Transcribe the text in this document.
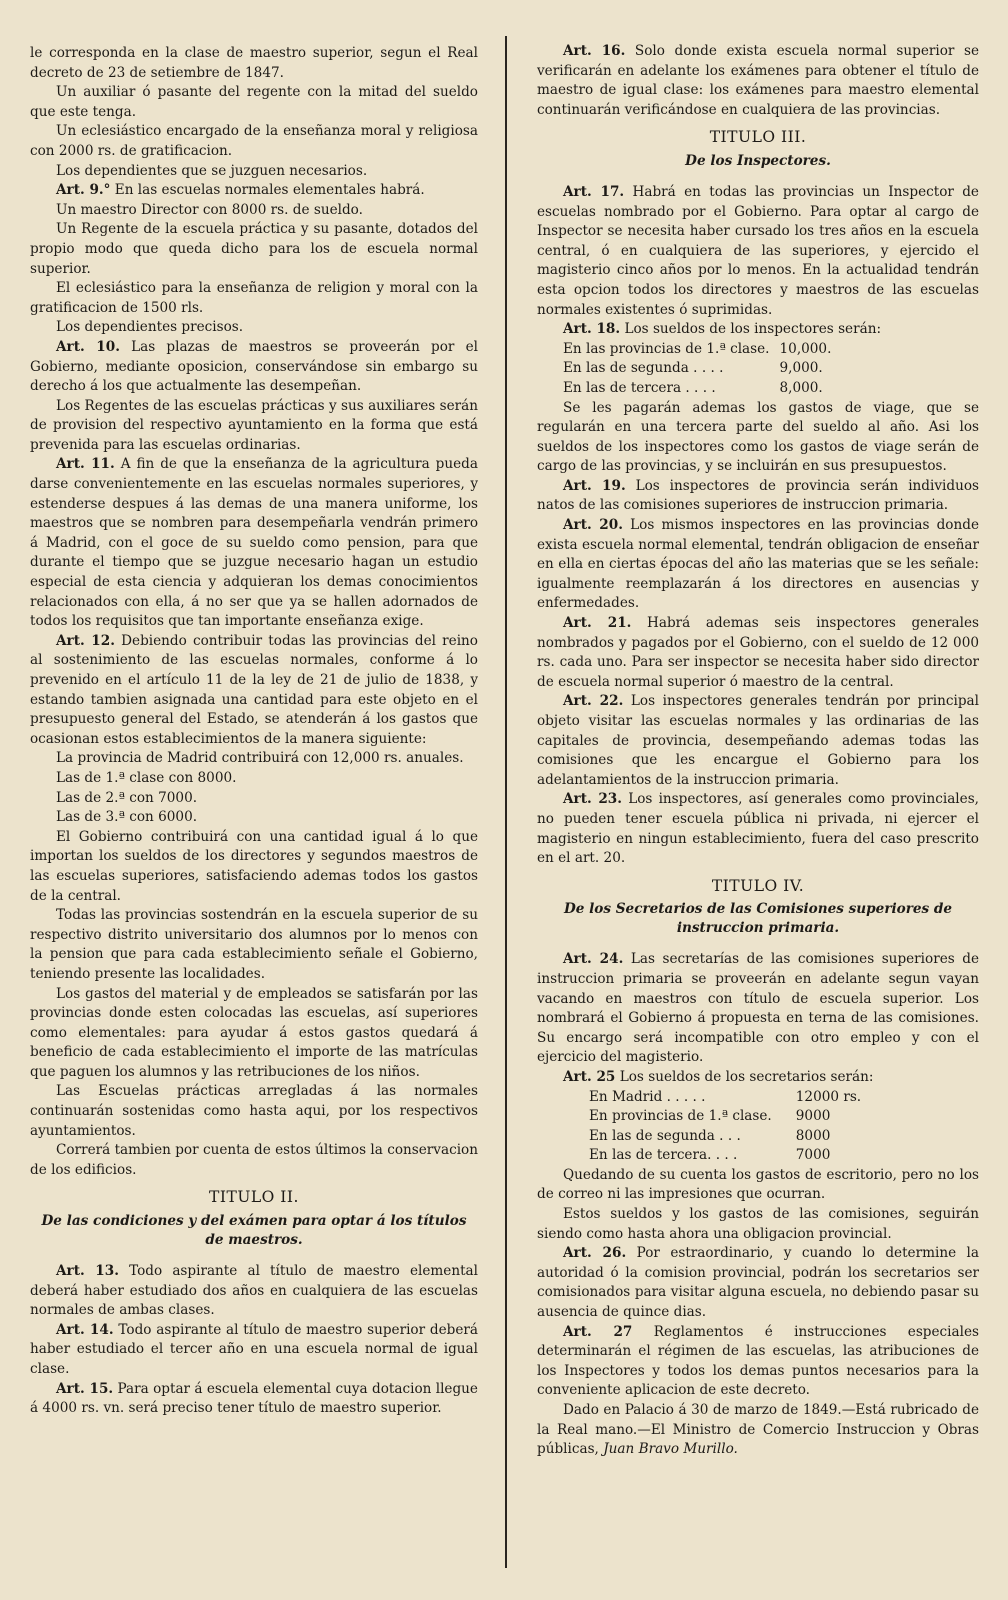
le corresponda en la clase de maestro superior, segun el Real decreto de 23 de setiembre de 1847.

Un auxiliar ó pasante del regente con la mitad del sueldo que este tenga.

Un eclesiástico encargado de la enseñanza moral y religiosa con 2000 rs. de gratificacion.

Los dependientes que se juzguen necesarios.

Art. 9.° En las escuelas normales elementales habrá.

Un maestro Director con 8000 rs. de sueldo.

Un Regente de la escuela práctica y su pasante, dotados del propio modo que queda dicho para los de escuela normal superior.

El eclesiástico para la enseñanza de religion y moral con la gratificacion de 1500 rls.

Los dependientes precisos.

Art. 10. Las plazas de maestros se proveerán por el Gobierno, mediante oposicion, conservándose sin embargo su derecho á los que actualmente las desempeñan.

Los Regentes de las escuelas prácticas y sus auxiliares serán de provision del respectivo ayuntamiento en la forma que está prevenida para las escuelas ordinarias.

Art. 11. A fin de que la enseñanza de la agricultura pueda darse convenientemente en las escuelas normales superiores, y estenderse despues á las demas de una manera uniforme, los maestros que se nombren para desempeñarla vendrán primero á Madrid, con el goce de su sueldo como pension, para que durante el tiempo que se juzgue necesario hagan un estudio especial de esta ciencia y adquieran los demas conocimientos relacionados con ella, á no ser que ya se hallen adornados de todos los requisitos que tan importante enseñanza exige.

Art. 12. Debiendo contribuir todas las provincias del reino al sostenimiento de las escuelas normales, conforme á lo prevenido en el artículo 11 de la ley de 21 de julio de 1838, y estando tambien asignada una cantidad para este objeto en el presupuesto general del Estado, se atenderán á los gastos que ocasionan estos establecimientos de la manera siguiente:

La provincia de Madrid contribuirá con 12,000 rs. anuales.

Las de 1.ª clase con 8000.

Las de 2.ª con 7000.

Las de 3.ª con 6000.

El Gobierno contribuirá con una cantidad igual á lo que importan los sueldos de los directores y segundos maestros de las escuelas superiores, satisfaciendo ademas todos los gastos de la central.

Todas las provincias sostendrán en la escuela superior de su respectivo distrito universitario dos alumnos por lo menos con la pension que para cada establecimiento señale el Gobierno, teniendo presente las localidades.

Los gastos del material y de empleados se satisfarán por las provincias donde esten colocadas las escuelas, así superiores como elementales: para ayudar á estos gastos quedará á beneficio de cada establecimiento el importe de las matrículas que paguen los alumnos y las retribuciones de los niños.

Las Escuelas prácticas arregladas á las normales continuarán sostenidas como hasta aqui, por los respectivos ayuntamientos.

Correrá tambien por cuenta de estos últimos la conservacion de los edificios.

TITULO II.
De las condiciones y del exámen para optar á los títulos de maestros.

Art. 13. Todo aspirante al título de maestro elemental deberá haber estudiado dos años en cualquiera de las escuelas normales de ambas clases.

Art. 14. Todo aspirante al título de maestro superior deberá haber estudiado el tercer año en una escuela normal de igual clase.

Art. 15. Para optar á escuela elemental cuya dotacion llegue á 4000 rs. vn. será preciso tener título de maestro superior.

Art. 16. Solo donde exista escuela normal superior se verificarán en adelante los exámenes para obtener el título de maestro de igual clase: los exámenes para maestro elemental continuarán verificándose en cualquiera de las provincias.

TITULO III.
De los Inspectores.

Art. 17. Habrá en todas las provincias un Inspector de escuelas nombrado por el Gobierno. Para optar al cargo de Inspector se necesita haber cursado los tres años en la escuela central, ó en cualquiera de las superiores, y ejercido el magisterio cinco años por lo menos. En la actualidad tendrán esta opcion todos los directores y maestros de las escuelas normales existentes ó suprimidas.

Art. 18. Los sueldos de los inspectores serán:

En las provincias de 1.ª clase.	10,000.
En las de segunda . . . .	9,000.
En las de tercera . . . .	8,000.

Se les pagarán ademas los gastos de viage, que se regularán en una tercera parte del sueldo al año. Asi los sueldos de los inspectores como los gastos de viage serán de cargo de las provincias, y se incluirán en sus presupuestos.

Art. 19. Los inspectores de provincia serán individuos natos de las comisiones superiores de instruccion primaria.

Art. 20. Los mismos inspectores en las provincias donde exista escuela normal elemental, tendrán obligacion de enseñar en ella en ciertas épocas del año las materias que se les señale: igualmente reemplazarán á los directores en ausencias y enfermedades.

Art. 21. Habrá ademas seis inspectores generales nombrados y pagados por el Gobierno, con el sueldo de 12 000 rs. cada uno. Para ser inspector se necesita haber sido director de escuela normal superior ó maestro de la central.

Art. 22. Los inspectores generales tendrán por principal objeto visitar las escuelas normales y las ordinarias de las capitales de provincia, desempeñando ademas todas las comisiones que les encargue el Gobierno para los adelantamientos de la instruccion primaria.

Art. 23. Los inspectores, así generales como provinciales, no pueden tener escuela pública ni privada, ni ejercer el magisterio en ningun establecimiento, fuera del caso prescrito en el art. 20.

TITULO IV.
De los Secretarios de las Comisiones superiores de instruccion primaria.

Art. 24. Las secretarías de las comisiones superiores de instruccion primaria se proveerán en adelante segun vayan vacando en maestros con título de escuela superior. Los nombrará el Gobierno á propuesta en terna de las comisiones. Su encargo será incompatible con otro empleo y con el ejercicio del magisterio.

Art. 25 Los sueldos de los secretarios serán:

En Madrid . . . . .	12000 rs.
En provincias de 1.ª clase.	9000
En las de segunda . . .	8000
En las de tercera. . . .	7000

Quedando de su cuenta los gastos de escritorio, pero no los de correo ni las impresiones que ocurran.

Estos sueldos y los gastos de las comisiones, seguirán siendo como hasta ahora una obligacion provincial.

Art. 26. Por estraordinario, y cuando lo determine la autoridad ó la comision provincial, podrán los secretarios ser comisionados para visitar alguna escuela, no debiendo pasar su ausencia de quince dias.

Art. 27 Reglamentos é instrucciones especiales determinarán el régimen de las escuelas, las atribuciones de los Inspectores y todos los demas puntos necesarios para la conveniente aplicacion de este decreto.

Dado en Palacio á 30 de marzo de 1849.—Está rubricado de la Real mano.—El Ministro de Comercio Instruccion y Obras públicas, Juan Bravo Murillo.
